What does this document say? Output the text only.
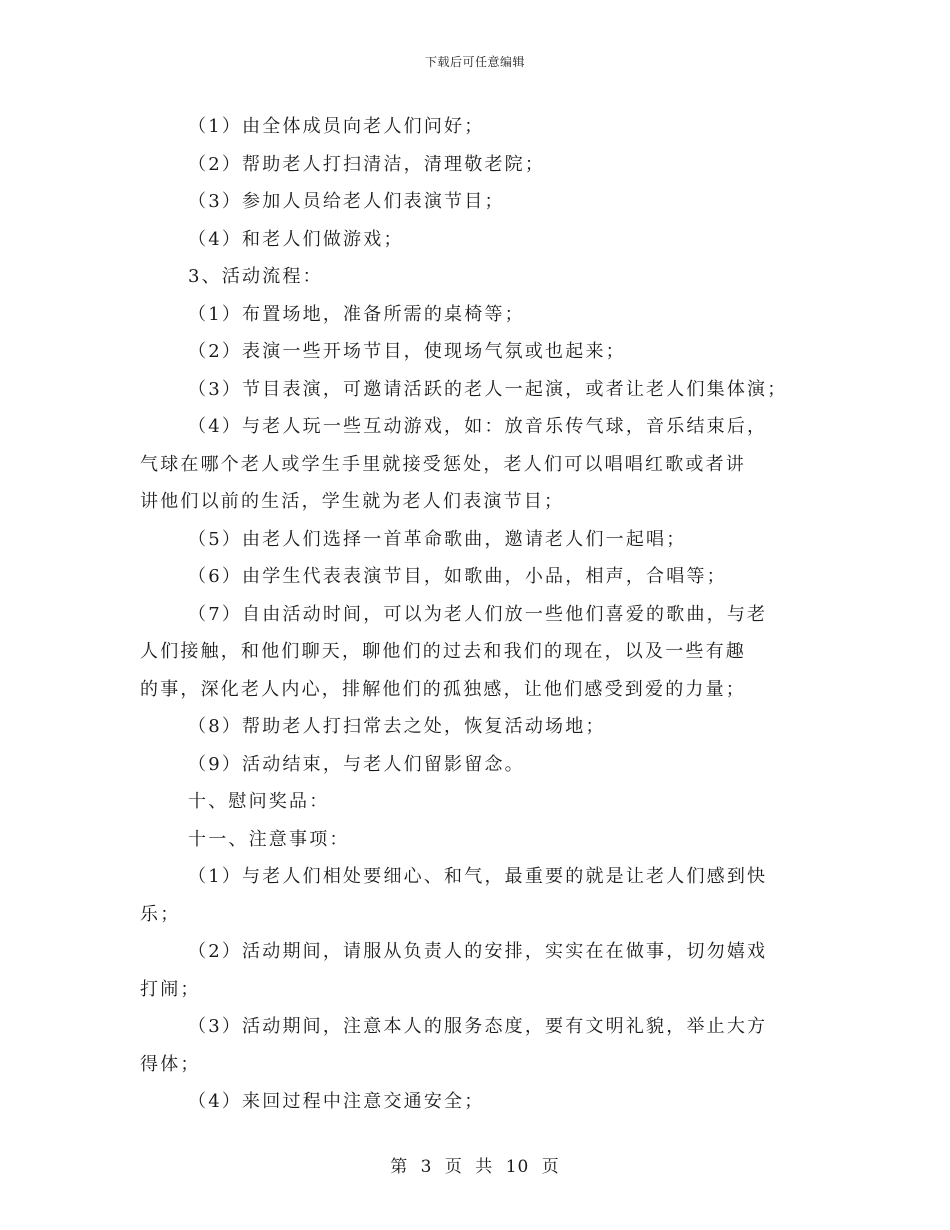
下载后可任意编辑

（1）由全体成员向老人们问好；

（2）帮助老人打扫清洁，清理敬老院；

（3）参加人员给老人们表演节目；

（4）和老人们做游戏；

3、活动流程：

（1）布置场地，准备所需的桌椅等；

（2）表演一些开场节目，使现场气氛或也起来；

（3）节目表演，可邀请活跃的老人一起演，或者让老人们集体演；

（4）与老人玩一些互动游戏，如：放音乐传气球，音乐结束后，

气球在哪个老人或学生手里就接受惩处，老人们可以唱唱红歌或者讲

讲他们以前的生活，学生就为老人们表演节目；

（5）由老人们选择一首革命歌曲，邀请老人们一起唱；

（6）由学生代表表演节目，如歌曲，小品，相声，合唱等；

（7）自由活动时间，可以为老人们放一些他们喜爱的歌曲，与老

人们接触，和他们聊天，聊他们的过去和我们的现在，以及一些有趣

的事，深化老人内心，排解他们的孤独感，让他们感受到爱的力量；

（8）帮助老人打扫常去之处，恢复活动场地；

（9）活动结束，与老人们留影留念。

十、慰问奖品：

十一、注意事项：

（1）与老人们相处要细心、和气，最重要的就是让老人们感到快

乐；

（2）活动期间，请服从负责人的安排，实实在在做事，切勿嬉戏

打闹；

（3）活动期间，注意本人的服务态度，要有文明礼貌，举止大方

得体；

（4）来回过程中注意交通安全；

第 3 页 共 10 页
